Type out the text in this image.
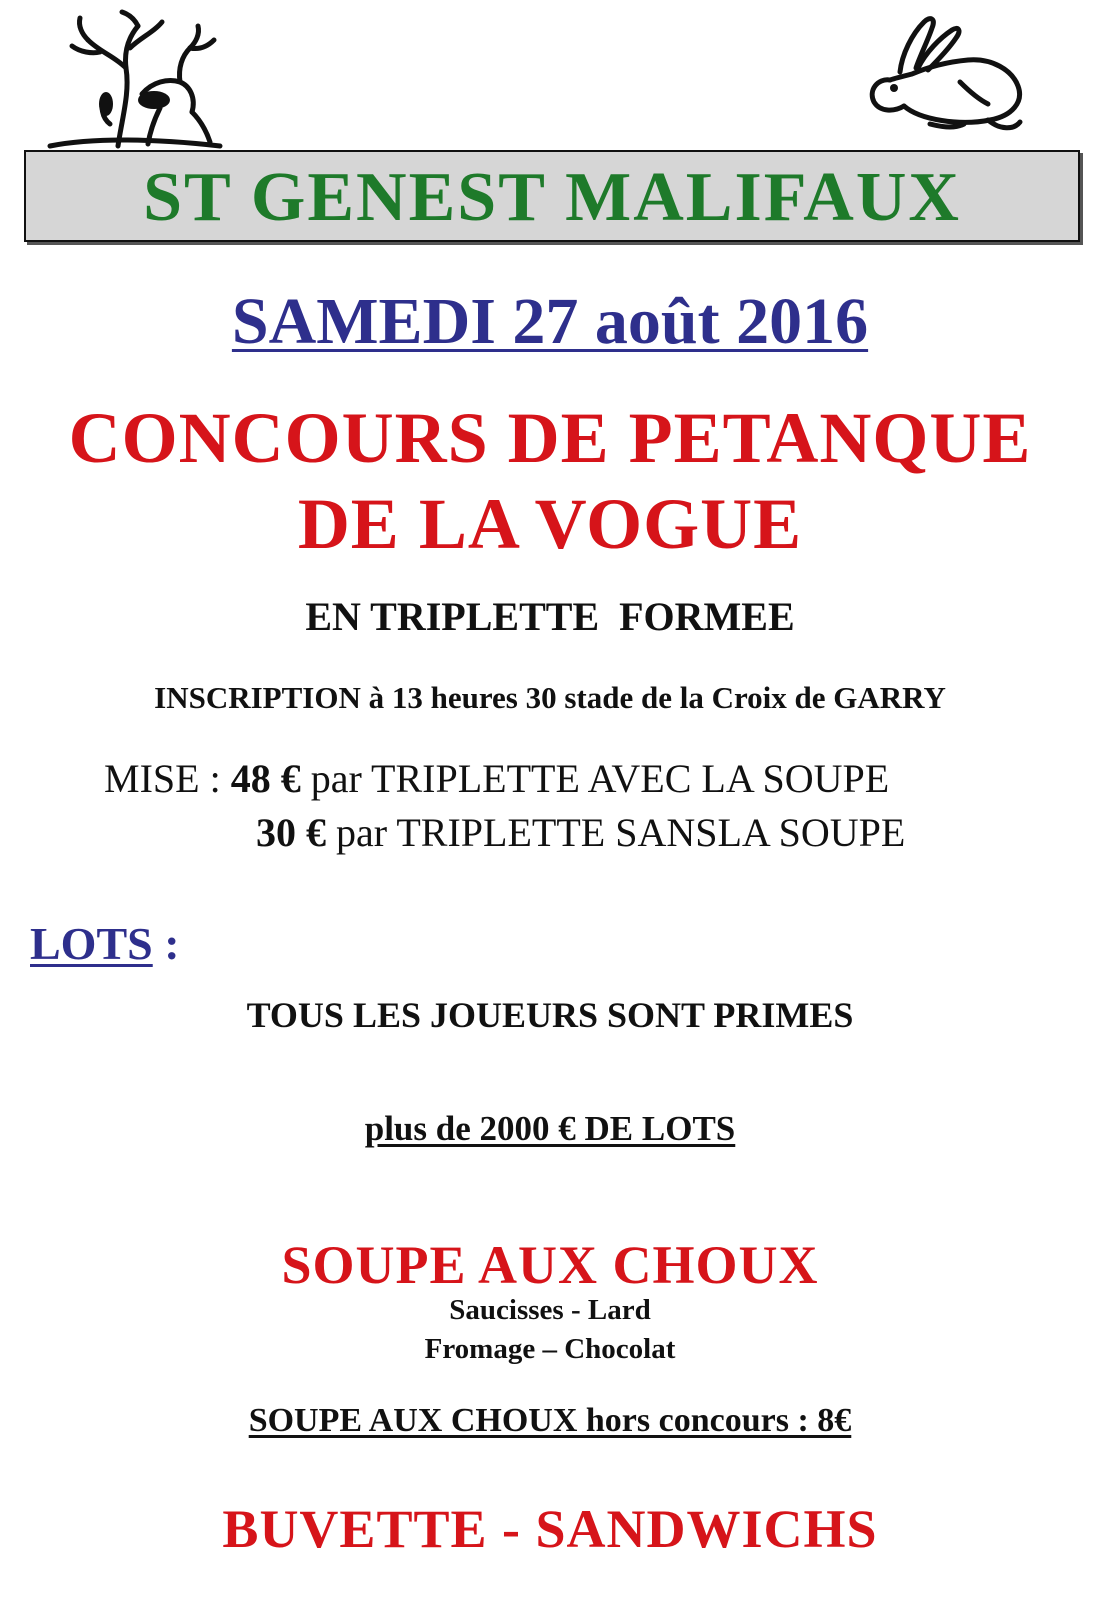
ST GENEST MALIFAUX
SAMEDI 27 août 2016
CONCOURS DE PETANQUE
DE LA VOGUE
EN TRIPLETTE  FORMEE
INSCRIPTION à 13 heures 30 stade de la Croix de GARRY
MISE : 48 € par TRIPLETTE AVEC LA SOUPE
30 € par TRIPLETTE SANSLA SOUPE
LOTS :
TOUS LES JOUEURS SONT PRIMES
plus de 2000 € DE LOTS
SOUPE AUX CHOUX
Saucisses - Lard
Fromage – Chocolat
SOUPE AUX CHOUX hors concours : 8€
BUVETTE - SANDWICHS
